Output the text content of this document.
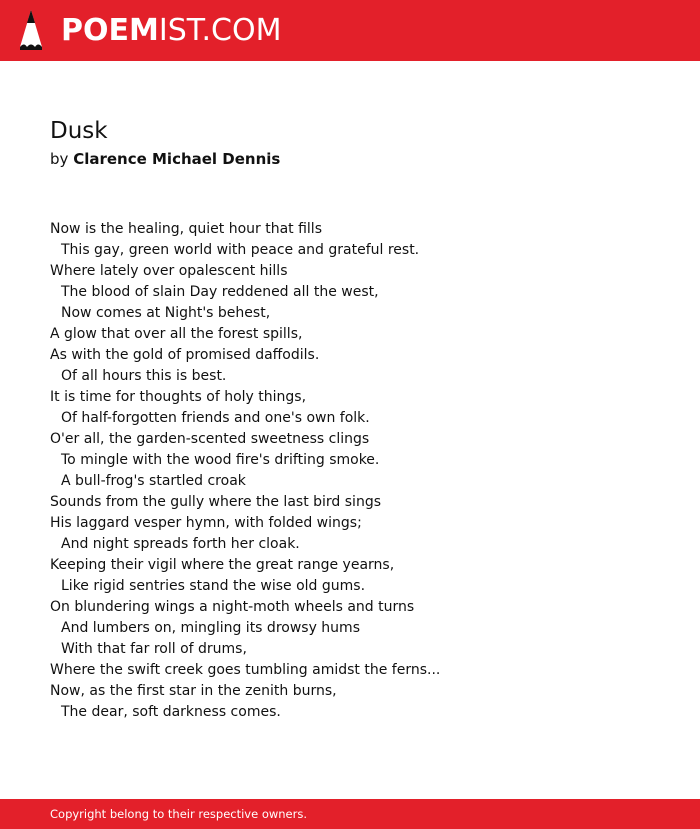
POEMIST.COM
Dusk
by Clarence Michael Dennis
Now is the healing, quiet hour that fills
This gay, green world with peace and grateful rest.
Where lately over opalescent hills
The blood of slain Day reddened all the west,
Now comes at Night's behest,
A glow that over all the forest spills,
As with the gold of promised daffodils.
Of all hours this is best.
It is time for thoughts of holy things,
Of half-forgotten friends and one's own folk.
O'er all, the garden-scented sweetness clings
To mingle with the wood fire's drifting smoke.
A bull-frog's startled croak
Sounds from the gully where the last bird sings
His laggard vesper hymn, with folded wings;
And night spreads forth her cloak.
Keeping their vigil where the great range yearns,
Like rigid sentries stand the wise old gums.
On blundering wings a night-moth wheels and turns
And lumbers on, mingling its drowsy hums
With that far roll of drums,
Where the swift creek goes tumbling amidst the ferns...
Now, as the first star in the zenith burns,
The dear, soft darkness comes.
Copyright belong to their respective owners.
